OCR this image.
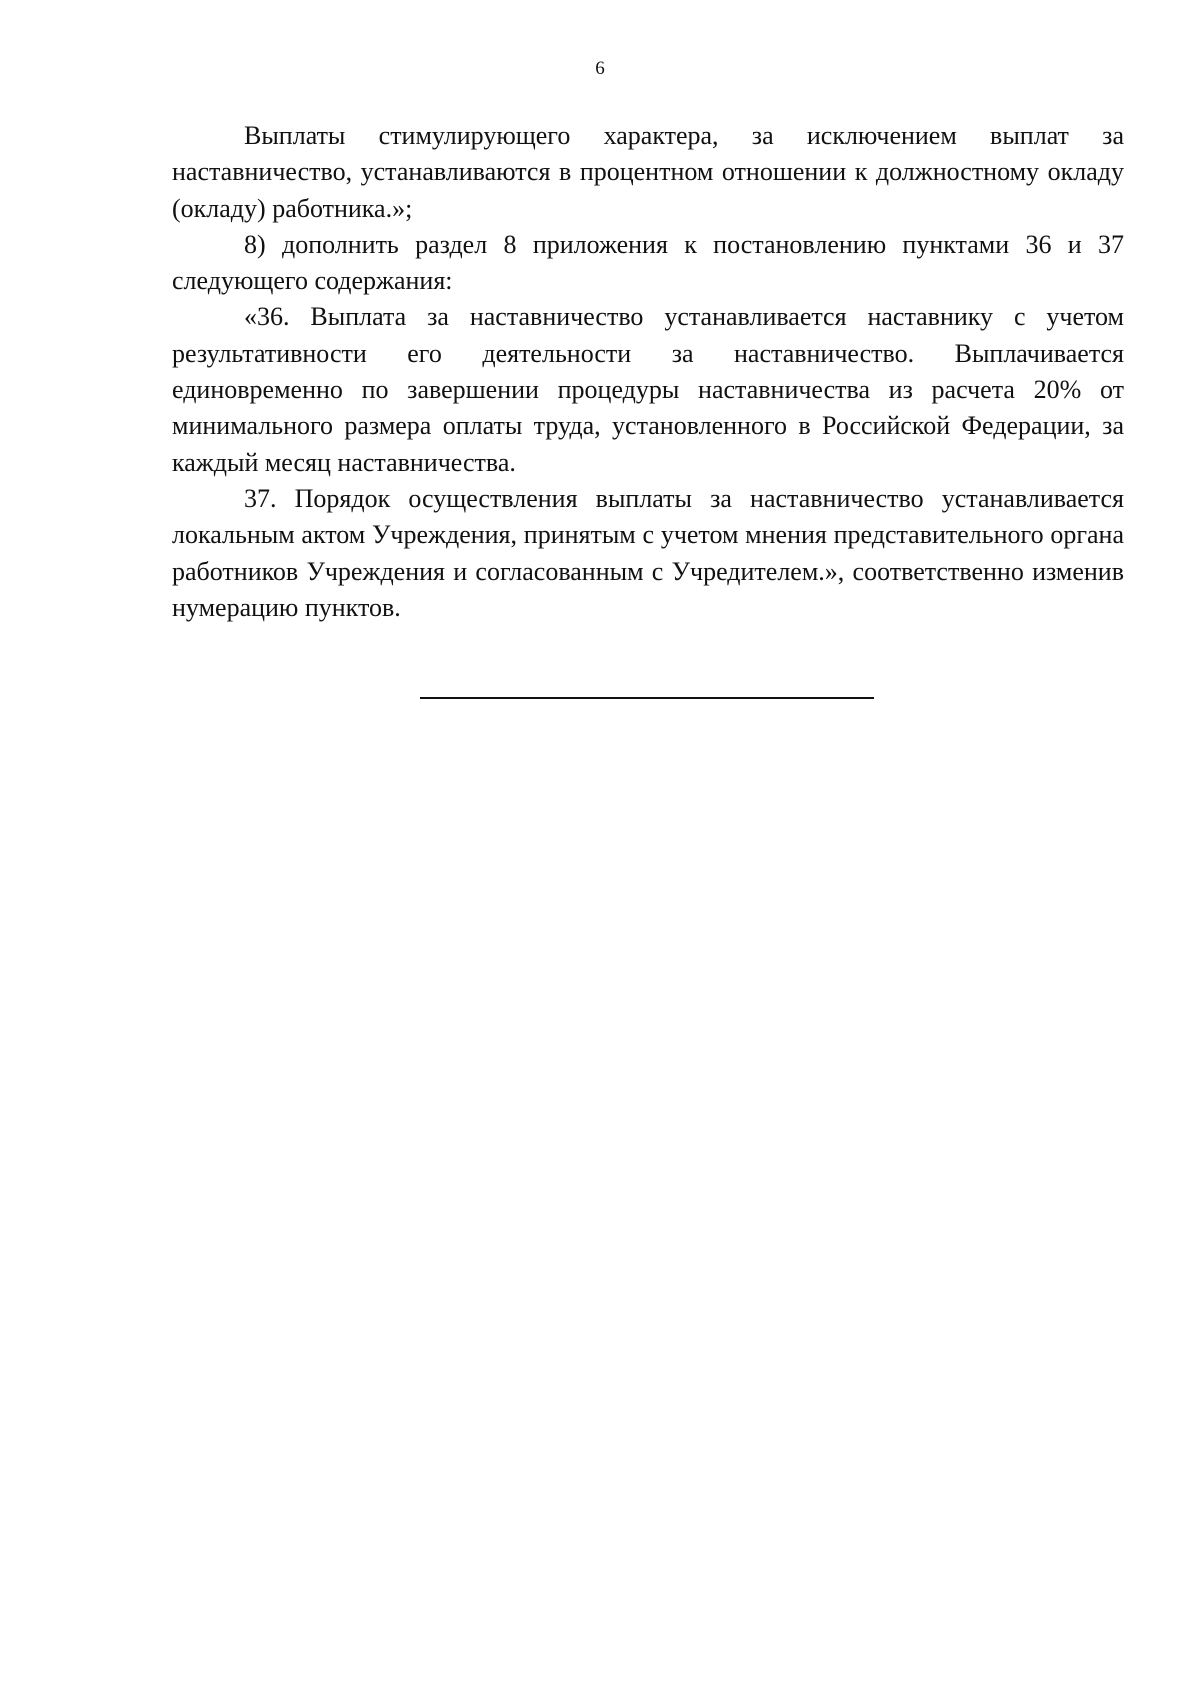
6

Выплаты стимулирующего характера, за исключением выплат за наставничество, устанавливаются в процентном отношении к должностному окладу (окладу) работника.»;

8) дополнить раздел 8 приложения к постановлению пунктами 36 и 37 следующего содержания:

«36. Выплата за наставничество устанавливается наставнику с учетом результативности его деятельности за наставничество. Выплачивается единовременно по завершении процедуры наставничества из расчета 20% от минимального размера оплаты труда, установленного в Российской Федерации, за каждый месяц наставничества.

37. Порядок осуществления выплаты за наставничество устанавливается локальным актом Учреждения, принятым с учетом мнения представительного органа работников Учреждения и согласованным с Учредителем.», соответственно изменив нумерацию пунктов.
